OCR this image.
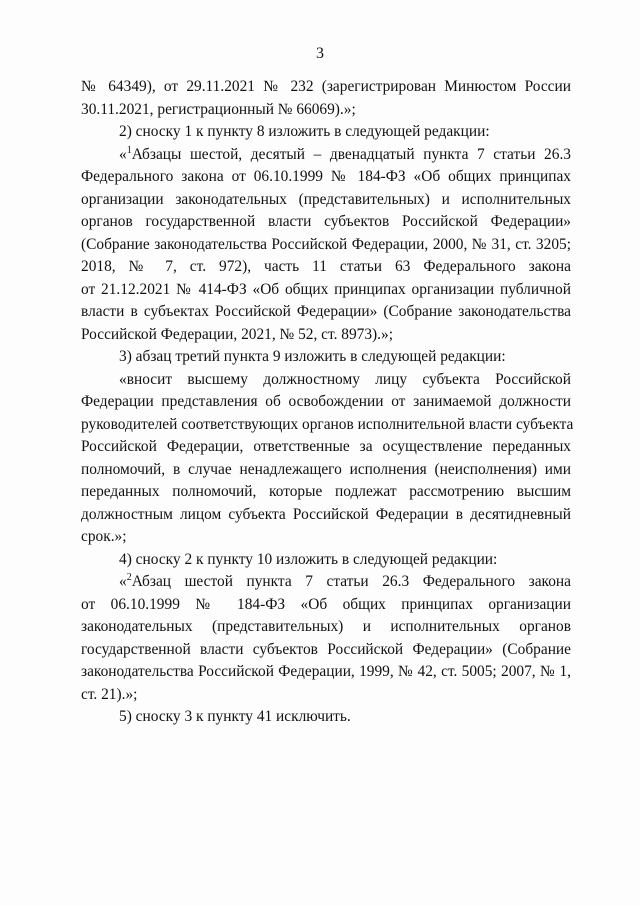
3
№ 64349), от 29.11.2021 № 232 (зарегистрирован Минюстом России
30.11.2021, регистрационный № 66069).»;
2) сноску 1 к пункту 8 изложить в следующей редакции:
«$^1$Абзацы шестой, десятый – двенадцатый пункта 7 статьи 26.3
Федерального закона от 06.10.1999 № 184-ФЗ «Об общих принципах
организации законодательных (представительных) и исполнительных
органов государственной власти субъектов Российской Федерации»
(Собрание законодательства Российской Федерации, 2000, № 31, ст. 3205;
2018, № 7, ст. 972), часть 11 статьи 63 Федерального закона
от 21.12.2021 № 414-ФЗ «Об общих принципах организации публичной
власти в субъектах Российской Федерации» (Собрание законодательства
Российской Федерации, 2021, № 52, ст. 8973).»;
3) абзац третий пункта 9 изложить в следующей редакции:
«вносит высшему должностному лицу субъекта Российской
Федерации представления об освобождении от занимаемой должности
руководителей соответствующих органов исполнительной власти субъекта
Российской Федерации, ответственные за осуществление переданных
полномочий, в случае ненадлежащего исполнения (неисполнения) ими
переданных полномочий, которые подлежат рассмотрению высшим
должностным лицом субъекта Российской Федерации в десятидневный
срок.»;
4) сноску 2 к пункту 10 изложить в следующей редакции:
«$^2$Абзац шестой пункта 7 статьи 26.3 Федерального закона
от 06.10.1999 № 184-ФЗ «Об общих принципах организации
законодательных (представительных) и исполнительных органов
государственной власти субъектов Российской Федерации» (Собрание
законодательства Российской Федерации, 1999, № 42, ст. 5005; 2007, № 1,
ст. 21).»;
5) сноску 3 к пункту 41 исключить.
